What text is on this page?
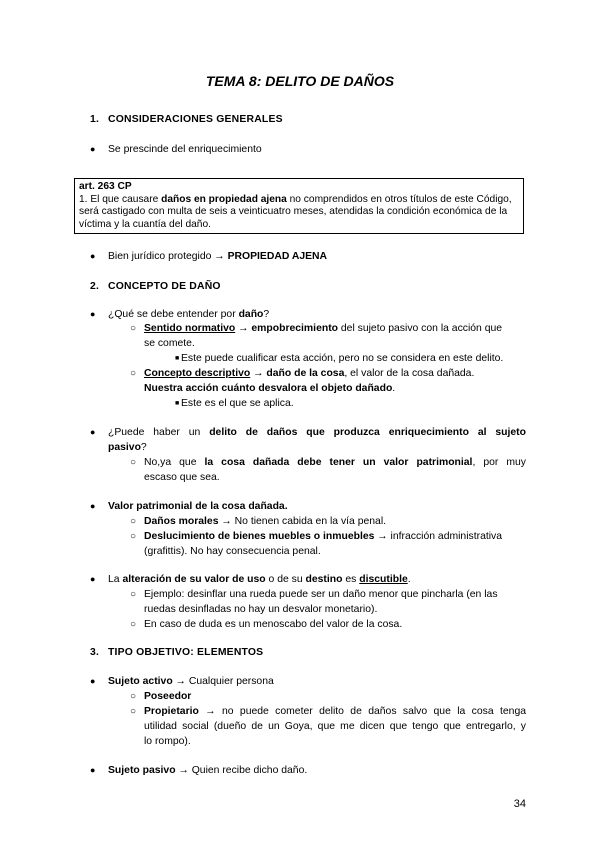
TEMA 8: DELITO DE DAÑOS
1. CONSIDERACIONES GENERALES
● Se prescinde del enriquecimiento
art. 263 CP
1. El que causare daños en propiedad ajena no comprendidos en otros títulos de este Código, será castigado con multa de seis a veinticuatro meses, atendidas la condición económica de la víctima y la cuantía del daño.
● Bien jurídico protegido → PROPIEDAD AJENA
2. CONCEPTO DE DAÑO
● ¿Qué se debe entender por daño?
○ Sentido normativo → empobrecimiento del sujeto pasivo con la acción que
se comete.
■ Este puede cualificar esta acción, pero no se considera en este delito.
○ Concepto descriptivo → daño de la cosa, el valor de la cosa dañada.
Nuestra acción cuánto desvalora el objeto dañado.
■ Este es el que se aplica.
● ¿Puede haber un delito de daños que produzca enriquecimiento al sujeto
pasivo?
○ No,ya que la cosa dañada debe tener un valor patrimonial, por muy
escaso que sea.
● Valor patrimonial de la cosa dañada.
○ Daños morales → No tienen cabida en la vía penal.
○ Deslucimiento de bienes muebles o inmuebles → infracción administrativa
(grafittis). No hay consecuencia penal.
● La alteración de su valor de uso o de su destino es discutible.
○ Ejemplo: desinflar una rueda puede ser un daño menor que pincharla (en las
ruedas desinfladas no hay un desvalor monetario).
○ En caso de duda es un menoscabo del valor de la cosa.
3. TIPO OBJETIVO: ELEMENTOS
● Sujeto activo → Cualquier persona
○ Poseedor
○ Propietario → no puede cometer delito de daños salvo que la cosa tenga
utilidad social (dueño de un Goya, que me dicen que tengo que entregarlo, y
lo rompo).
● Sujeto pasivo → Quien recibe dicho daño.
34
